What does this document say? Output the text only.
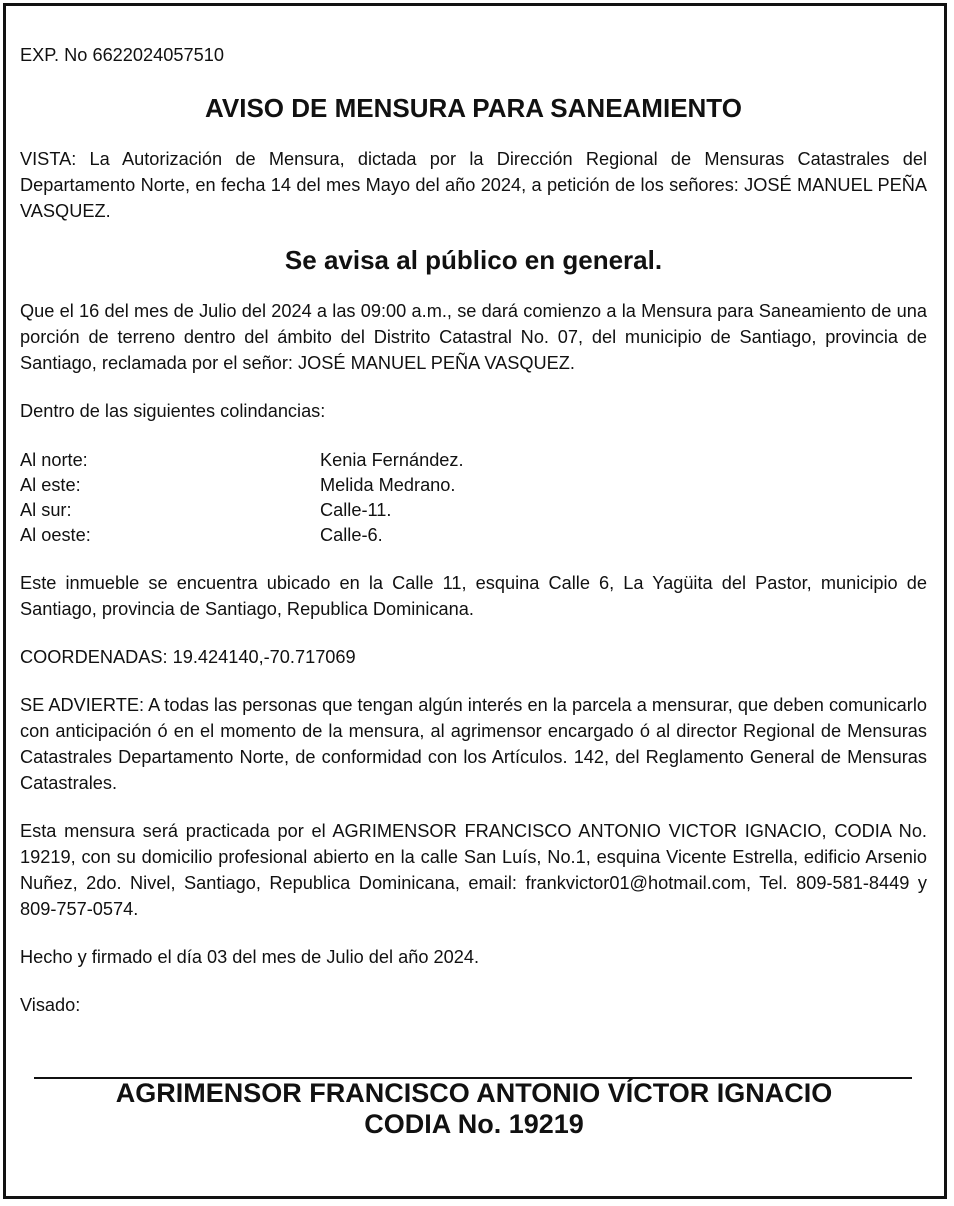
EXP. No 6622024057510

AVISO DE MENSURA PARA SANEAMIENTO

VISTA: La Autorización de Mensura, dictada por la Dirección Regional de Mensuras Catastrales del Departamento Norte, en fecha 14 del mes Mayo del año 2024, a petición de los señores: JOSÉ MANUEL PEÑA VASQUEZ.

Se avisa al público en general.

Que el 16 del mes de Julio del 2024 a las 09:00 a.m., se dará comienzo a la Mensura para Saneamiento de una porción de terreno dentro del ámbito del Distrito Catastral No. 07, del municipio de Santiago, provincia de Santiago, reclamada por el señor: JOSÉ MANUEL PEÑA VASQUEZ.

Dentro de las siguientes colindancias:

Al norte:	Kenia Fernández.
Al este:	Melida Medrano.
Al sur:	Calle-11.
Al oeste:	Calle-6.

Este inmueble se encuentra ubicado en la Calle 11, esquina Calle 6, La Yagüita del Pastor, municipio de Santiago, provincia de Santiago, Republica Dominicana.

COORDENADAS: 19.424140,-70.717069

SE ADVIERTE: A todas las personas que tengan algún interés en la parcela a mensurar, que deben comunicarlo con anticipación ó en el momento de la mensura, al agrimensor encargado ó al director Regional de Mensuras Catastrales Departamento Norte, de conformidad con los Artículos. 142, del Reglamento General de Mensuras Catastrales.

Esta mensura será practicada por el AGRIMENSOR FRANCISCO ANTONIO VICTOR IGNACIO, CODIA No. 19219, con su domicilio profesional abierto en la calle San Luís, No.1, esquina Vicente Estrella, edificio Arsenio Nuñez, 2do. Nivel, Santiago, Republica Dominicana, email: frankvictor01@hotmail.com, Tel. 809-581-8449 y 809-757-0574.

Hecho y firmado el día 03 del mes de Julio del año 2024.

Visado:

AGRIMENSOR FRANCISCO ANTONIO VÍCTOR IGNACIO
CODIA No. 19219
